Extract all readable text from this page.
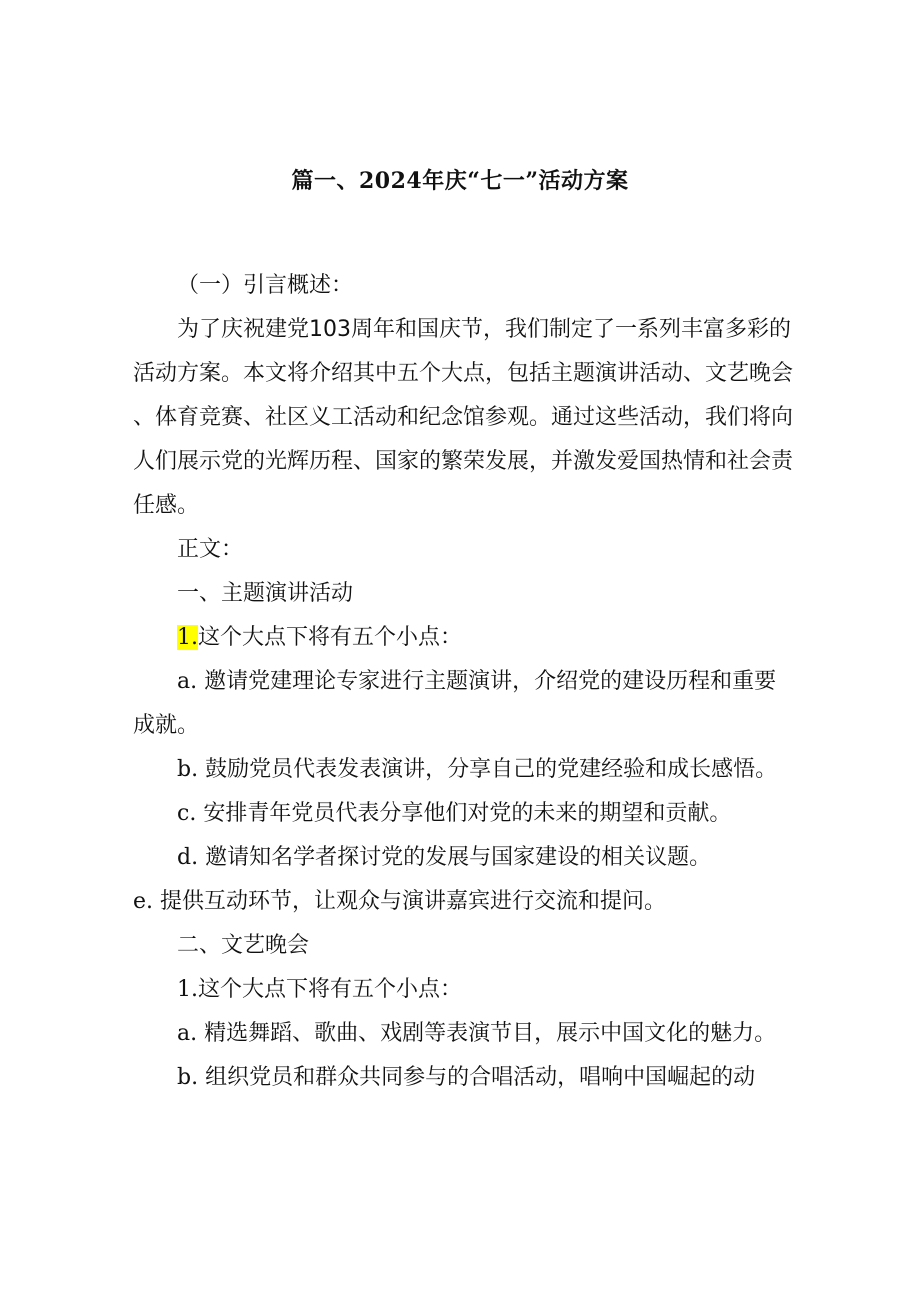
篇一、2024年庆“七一”活动方案

（一）引言概述：

为了庆祝建党103周年和国庆节，我们制定了一系列丰富多彩的活动方案。本文将介绍其中五个大点，包括主题演讲活动、文艺晚会、体育竞赛、社区义工活动和纪念馆参观。通过这些活动，我们将向人们展示党的光辉历程、国家的繁荣发展，并激发爱国热情和社会责任感。

正文：

一、主题演讲活动

1.这个大点下将有五个小点：

a. 邀请党建理论专家进行主题演讲，介绍党的建设历程和重要成就。

b. 鼓励党员代表发表演讲，分享自己的党建经验和成长感悟。

c. 安排青年党员代表分享他们对党的未来的期望和贡献。

d. 邀请知名学者探讨党的发展与国家建设的相关议题。

e. 提供互动环节，让观众与演讲嘉宾进行交流和提问。

二、文艺晚会

1.这个大点下将有五个小点：

a. 精选舞蹈、歌曲、戏剧等表演节目，展示中国文化的魅力。

b. 组织党员和群众共同参与的合唱活动，唱响中国崛起的动
